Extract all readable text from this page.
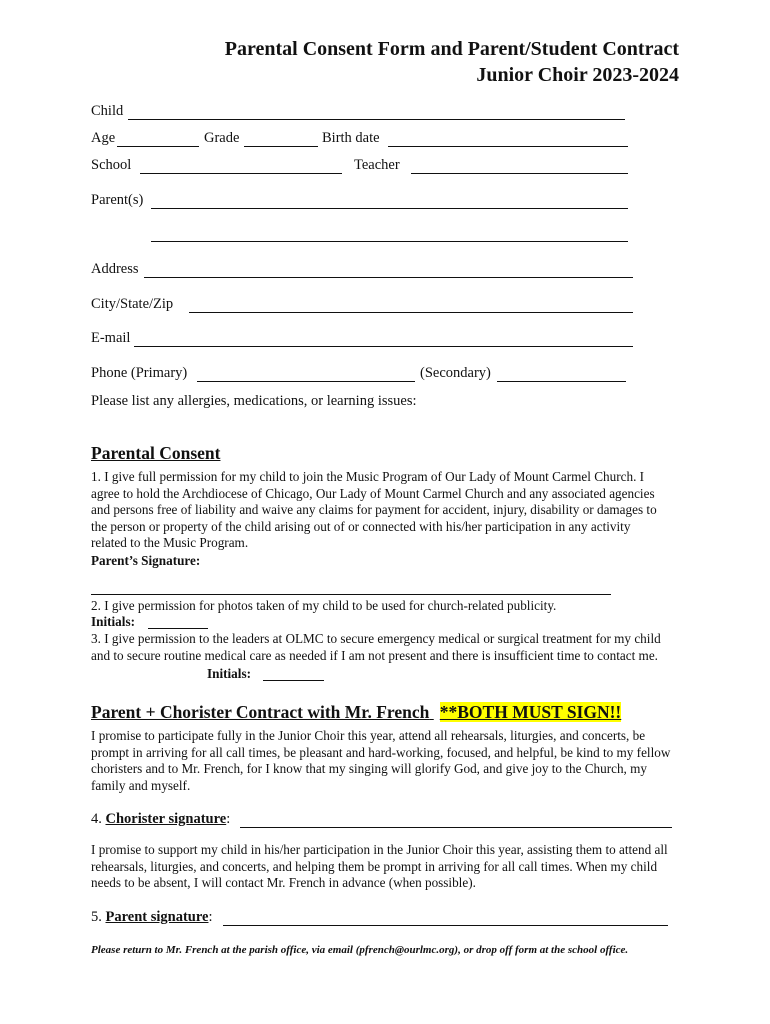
Parental Consent Form and Parent/Student Contract
Junior Choir 2023-2024
Child
Age	Grade	Birth date
School	Teacher
Parent(s)
Address
City/State/Zip
E-mail
Phone (Primary)	(Secondary)
Please list any allergies, medications, or learning issues:
Parental Consent
1. I give full permission for my child to join the Music Program of Our Lady of Mount Carmel Church. I agree to hold the Archdiocese of Chicago, Our Lady of Mount Carmel Church and any associated agencies and persons free of liability and waive any claims for payment for accident, injury, disability or damages to the person or property of the child arising out of or connected with his/her participation in any activity related to the Music Program.
Parent’s Signature:
2. I give permission for photos taken of my child to be used for church-related publicity.
Initials:
3. I give permission to the leaders at OLMC to secure emergency medical or surgical treatment for my child and to secure routine medical care as needed if I am not present and there is insufficient time to contact me.
Initials:
Parent + Chorister Contract with Mr. French **BOTH MUST SIGN!!
I promise to participate fully in the Junior Choir this year, attend all rehearsals, liturgies, and concerts, be prompt in arriving for all call times, be pleasant and hard-working, focused, and helpful, be kind to my fellow choristers and to Mr. French, for I know that my singing will glorify God, and give joy to the Church, my family and myself.
4. Chorister signature:
I promise to support my child in his/her participation in the Junior Choir this year, assisting them to attend all rehearsals, liturgies, and concerts, and helping them be prompt in arriving for all call times. When my child needs to be absent, I will contact Mr. French in advance (when possible).
5. Parent signature:
Please return to Mr. French at the parish office, via email (pfrench@ourlmc.org), or drop off form at the school office.
